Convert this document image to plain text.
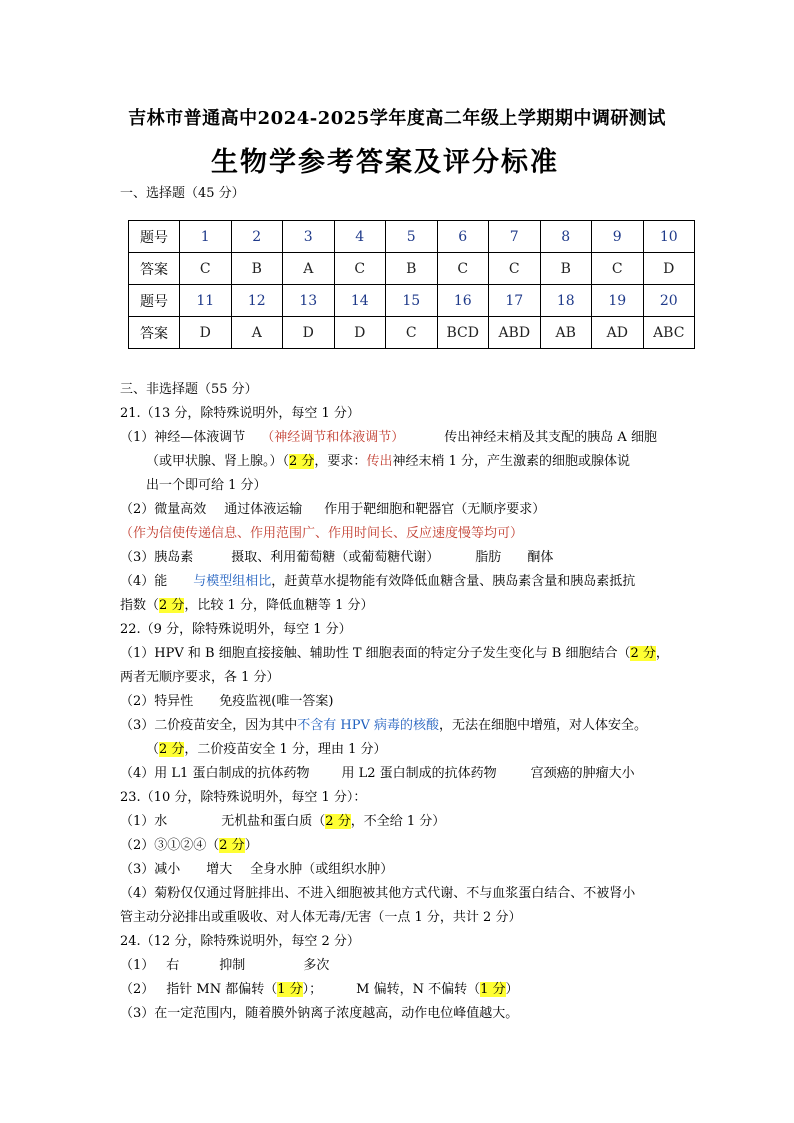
吉林市普通高中2024-2025学年度高二年级上学期期中调研测试
生物学参考答案及评分标准
一、选择题（45 分）
题号	1	2	3	4	5	6	7	8	9	10
答案	C	B	A	C	B	C	C	B	C	D
题号	11	12	13	14	15	16	17	18	19	20
答案	D	A	D	D	C	BCD	ABD	AB	AD	ABC
三、非选择题（55 分）
21.（13 分，除特殊说明外，每空 1 分）
（1）神经—体液调节 （神经调节和体液调节）	传出神经末梢及其支配的胰岛 A 细胞
（或甲状腺、肾上腺。）（2 分，要求：传出神经末梢 1 分，产生激素的细胞或腺体说
出一个即可给 1 分）
（2）微量高效 通过体液运输 作用于靶细胞和靶器官（无顺序要求）
（作为信使传递信息、作用范围广、作用时间长、反应速度慢等均可）
（3）胰岛素	摄取、利用葡萄糖（或葡萄糖代谢）	脂肪 酮体
（4）能 与模型组相比，赶黄草水提物能有效降低血糖含量、胰岛素含量和胰岛素抵抗
指数（2 分，比较 1 分，降低血糖等 1 分）
22.（9 分，除特殊说明外，每空 1 分）
（1）HPV 和 B 细胞直接接触、辅助性 T 细胞表面的特定分子发生变化与 B 细胞结合（2 分，
两者无顺序要求，各 1 分）
（2）特异性 免疫监视(唯一答案)
（3）二价疫苗安全，因为其中不含有 HPV 病毒的核酸，无法在细胞中增殖，对人体安全。
（2 分，二价疫苗安全 1 分，理由 1 分）
（4）用 L1 蛋白制成的抗体药物 用 L2 蛋白制成的抗体药物	宫颈癌的肿瘤大小
23.（10 分，除特殊说明外，每空 1 分）：
（1）水	无机盐和蛋白质（2 分，不全给 1 分）
（2）③①②④（2 分）
（3）减小 增大 全身水肿（或组织水肿）
（4）菊粉仅仅通过肾脏排出、不进入细胞被其他方式代谢、不与血浆蛋白结合、不被肾小
管主动分泌排出或重吸收、对人体无毒/无害（一点 1 分，共计 2 分）
24.（12 分，除特殊说明外，每空 2 分）
（1） 右	抑制	多次
（2） 指针 MN 都偏转（1 分）；	M 偏转，N 不偏转（1 分）
（3）在一定范围内，随着膜外钠离子浓度越高，动作电位峰值越大。
